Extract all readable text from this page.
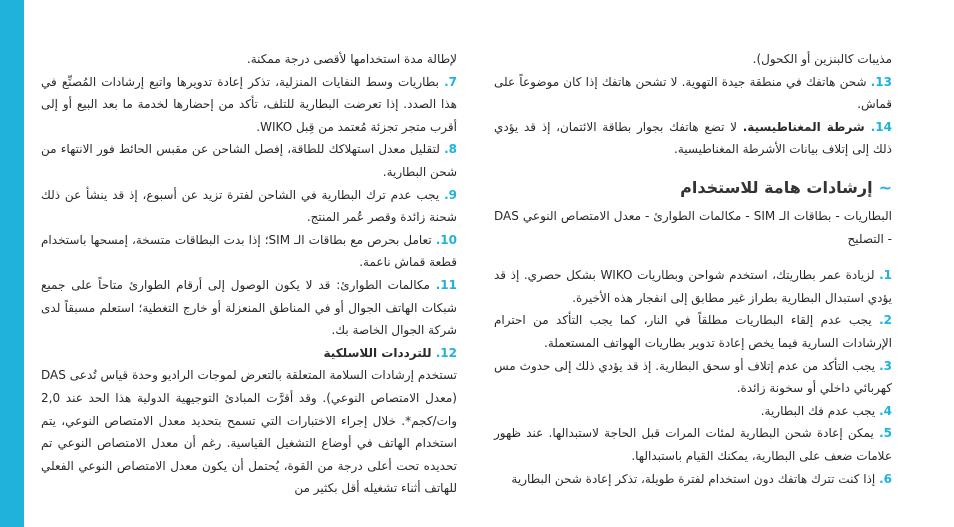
مذيبات كالبنزين أو الكحول).

13. شحن هاتفك في منطقة جيدة التهوية. لا تشحن هاتفك إذا كان موضوعاً على قماش.

14. شرطة المغناطيسية. لا تضع هاتفك بجوار بطاقة الائتمان، إذ قد يؤدي ذلك إلى إتلاف بيانات الأشرطة المغناطيسية.

~إرشادات هامة للاستخدام

البطاريات - بطاقات الـ SIM - مكالمات الطوارئ - معدل الامتصاص النوعي DAS - التصليح

1. لزيادة عمر بطاريتك، استخدم شواحن وبطاريات WIKO بشكل حصري. إذ قد يؤدي استبدال البطارية بطراز غير مطابق إلى انفجار هذه الأخيرة.

2. يجب عدم إلقاء البطاريات مطلقاً في النار، كما يجب التأكد من احترام الإرشادات السارية فيما يخص إعادة تدوير بطاريات الهواتف المستعملة.

3. يجب التأكد من عدم إتلاف أو سحق البطارية. إذ قد يؤدي ذلك إلى حدوث مس كهربائي داخلي أو سخونة زائدة.

4. يجب عدم فك البطارية.

5. يمكن إعادة شحن البطارية لمئات المرات قبل الحاجة لاستبدالها. عند ظهور علامات ضعف على البطارية، يمكنك القيام باستبدالها.

6. إذا كنت تترك هاتفك دون استخدام لفترة طويلة، تذكر إعادة شحن البطارية

لإطالة مدة استخدامها لأقصى درجة ممكنة.

7. بطاريات وسط النفايات المنزلية، تذكر إعادة تدويرها واتبع إرشادات المُصنِّع في هذا الصدد. إذا تعرضت البطارية للتلف، تأكد من إحضارها لخدمة ما بعد البيع أو إلى أقرب متجر تجزئة مُعتمد من قِبل WIKO.

8. لتقليل معدل استهلاكك للطاقة، إفصل الشاحن عن مقبس الحائط فور الانتهاء من شحن البطارية.

9. يجب عدم ترك البطارية في الشاحن لفترة تزيد عن أسبوع، إذ قد ينشأ عن ذلك شحنة زائدة وقصر عُمر المنتج.

10. تعامل بحرص مع بطاقات الـ SIM؛ إذا بدت البطاقات متسخة، إمسحها باستخدام قطعة قماش ناعمة.

11. مكالمات الطوارئ: قد لا يكون الوصول إلى أرقام الطوارئ متاحاً على جميع شبكات الهاتف الجوال أو في المناطق المنعزلة أو خارج التغطية؛ استعلم مسبقاً لدى شركة الجوال الخاصة بك.

12. للترددات اللاسلكية

تستخدم إرشادات السلامة المتعلقة بالتعرض لموجات الراديو وحدة قياس تُدعى DAS (معدل الامتصاص النوعي). وقد أقرَّت المبادئ التوجيهية الدولية هذا الحد عند 2,0 وات/كجم*. خلال إجراء الاختبارات التي تسمح بتحديد معدل الامتصاص النوعي، يتم استخدام الهاتف في أوضاع التشغيل القياسية. رغم أن معدل الامتصاص النوعي تم تحديده تحت أعلى درجة من القوة، يُحتمل أن يكون معدل الامتصاص النوعي الفعلي للهاتف أثناء تشغيله أقل بكثير من
